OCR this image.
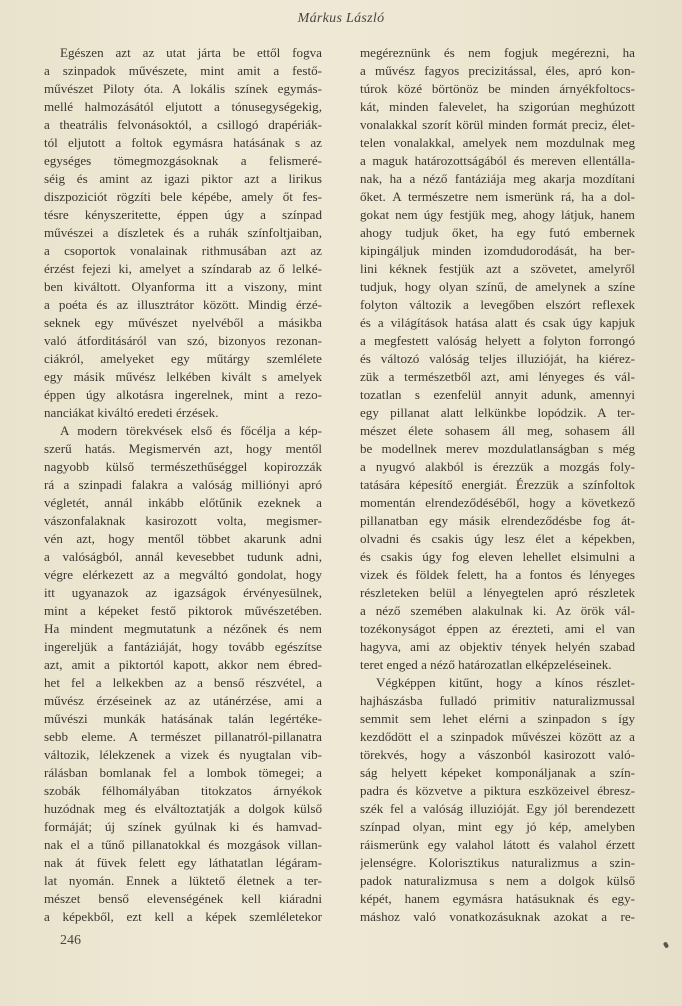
Márkus László
Egészen azt az utat járta be ettől fogva
a szinpadok művészete, mint amit a festő-
művészet Piloty óta. A lokális színek egymás-
mellé halmozásától eljutott a tónusegységekig,
a theatrális felvonásoktól, a csillogó drapériák-
tól eljutott a foltok egymásra hatásának s az
egységes tömegmozgásoknak a felismeré-
séig és amint az igazi piktor azt a lirikus
diszpoziciót rögzíti bele képébe, amely őt fes-
tésre kényszeritette, éppen úgy a színpad
művészei a díszletek és a ruhák színfoltjaiban,
a csoportok vonalainak rithmusában azt az
érzést fejezi ki, amelyet a színdarab az ő lelké-
ben kiváltott. Olyanforma itt a viszony, mint
a poéta és az illusztrátor között. Mindig érzé-
seknek egy művészet nyelvéből a másikba
való átforditásáról van szó, bizonyos rezonan-
ciákról, amelyeket egy műtárgy szemlélete
egy másik művész lelkében kivált s amelyek
éppen úgy alkotásra ingerelnek, mint a rezo-
nanciákat kiváltó eredeti érzések.
A modern törekvések első és főcélja a kép-
szerű hatás. Megismervén azt, hogy mentől
nagyobb külső természethűséggel kopirozzák
rá a szinpadi falakra a valóság milliónyi apró
végletét, annál inkább előtűnik ezeknek a
vászonfalaknak kasirozott volta, megismer-
vén azt, hogy mentől többet akarunk adni
a valóságból, annál kevesebbet tudunk adni,
végre elérkezett az a megváltó gondolat, hogy
itt ugyanazok az igazságok érvényesülnek,
mint a képeket festő piktorok művészetében.
Ha mindent megmutatunk a nézőnek és nem
ingereljük a fantáziáját, hogy tovább egészítse
azt, amit a piktortól kapott, akkor nem ébred-
het fel a lelkekben az a benső részvétel, a
művész érzéseinek az az utánérzése, ami a
művészi munkák hatásának talán legértéke-
sebb eleme. A természet pillanatról-pillanatra
változik, lélekzenek a vizek és nyugtalan vib-
rálásban bomlanak fel a lombok tömegei; a
szobák félhomályában titokzatos árnyékok
huzódnak meg és elváltoztatják a dolgok külső
formáját; új színek gyúlnak ki és hamvad-
nak el a tűnő pillanatokkal és mozgások villan-
nak át füvek felett egy láthatatlan légáram-
lat nyomán. Ennek a lüktető életnek a ter-
mészet benső elevenségének kell kiáradni
a képekből, ezt kell a képek szemléletekor
megéreznünk és nem fogjuk megérezni, ha
a művész fagyos precizitással, éles, apró kon-
túrok közé börtönöz be minden árnyékfoltocs-
kát, minden falevelet, ha szigorúan meghúzott
vonalakkal szorít körül minden formát preciz, élet-
telen vonalakkal, amelyek nem mozdulnak meg
a maguk határozottságából és mereven ellentálla-
nak, ha a néző fantáziája meg akarja mozdítani
őket. A természetre nem ismerünk rá, ha a dol-
gokat nem úgy festjük meg, ahogy látjuk, hanem
ahogy tudjuk őket, ha egy futó embernek
kipingáljuk minden izomdudorodását, ha ber-
lini kéknek festjük azt a szövetet, amelyről
tudjuk, hogy olyan színű, de amelynek a színe
folyton változik a levegőben elszórt reflexek
és a világítások hatása alatt és csak úgy kapjuk
a megfestett valóság helyett a folyton forrongó
és változó valóság teljes illuzióját, ha kiérez-
zük a természetből azt, ami lényeges és vál-
tozatlan s ezenfelül annyit adunk, amennyi
egy pillanat alatt lelkünkbe lopódzik. A ter-
mészet élete sohasem áll meg, sohasem áll
be modellnek merev mozdulatlanságban s még
a nyugvó alakból is érezzük a mozgás foly-
tatására képesítő energiát. Érezzük a színfoltok
momentán elrendeződéséből, hogy a következő
pillanatban egy másik elrendeződésbe fog át-
olvadni és csakis úgy lesz élet a képekben,
és csakis úgy fog eleven lehellet elsimulni a
vizek és földek felett, ha a fontos és lényeges
részleteken belül a lényegtelen apró részletek
a néző szemében alakulnak ki. Az örök vál-
tozékonyságot éppen az érezteti, ami el van
hagyva, ami az objektiv tények helyén szabad
teret enged a néző határozatlan elképzeléseinek.
Végképpen kitűnt, hogy a kínos részlet-
hajhászásba fulladó primitiv naturalizmussal
semmit sem lehet elérni a szinpadon s így
kezdődött el a szinpadok művészei között az a
törekvés, hogy a vászonból kasirozott való-
ság helyett képeket komponáljanak a szín-
padra és közvetve a piktura eszközeivel ébresz-
szék fel a valóság illuzióját. Egy jól berendezett
színpad olyan, mint egy jó kép, amelyben
ráismerünk egy valahol látott és valahol érzett
jelenségre. Kolorisztikus naturalizmus a szin-
padok naturalizmusa s nem a dolgok külső
képét, hanem egymásra hatásuknak és egy-
máshoz való vonatkozásuknak azokat a re-
246
